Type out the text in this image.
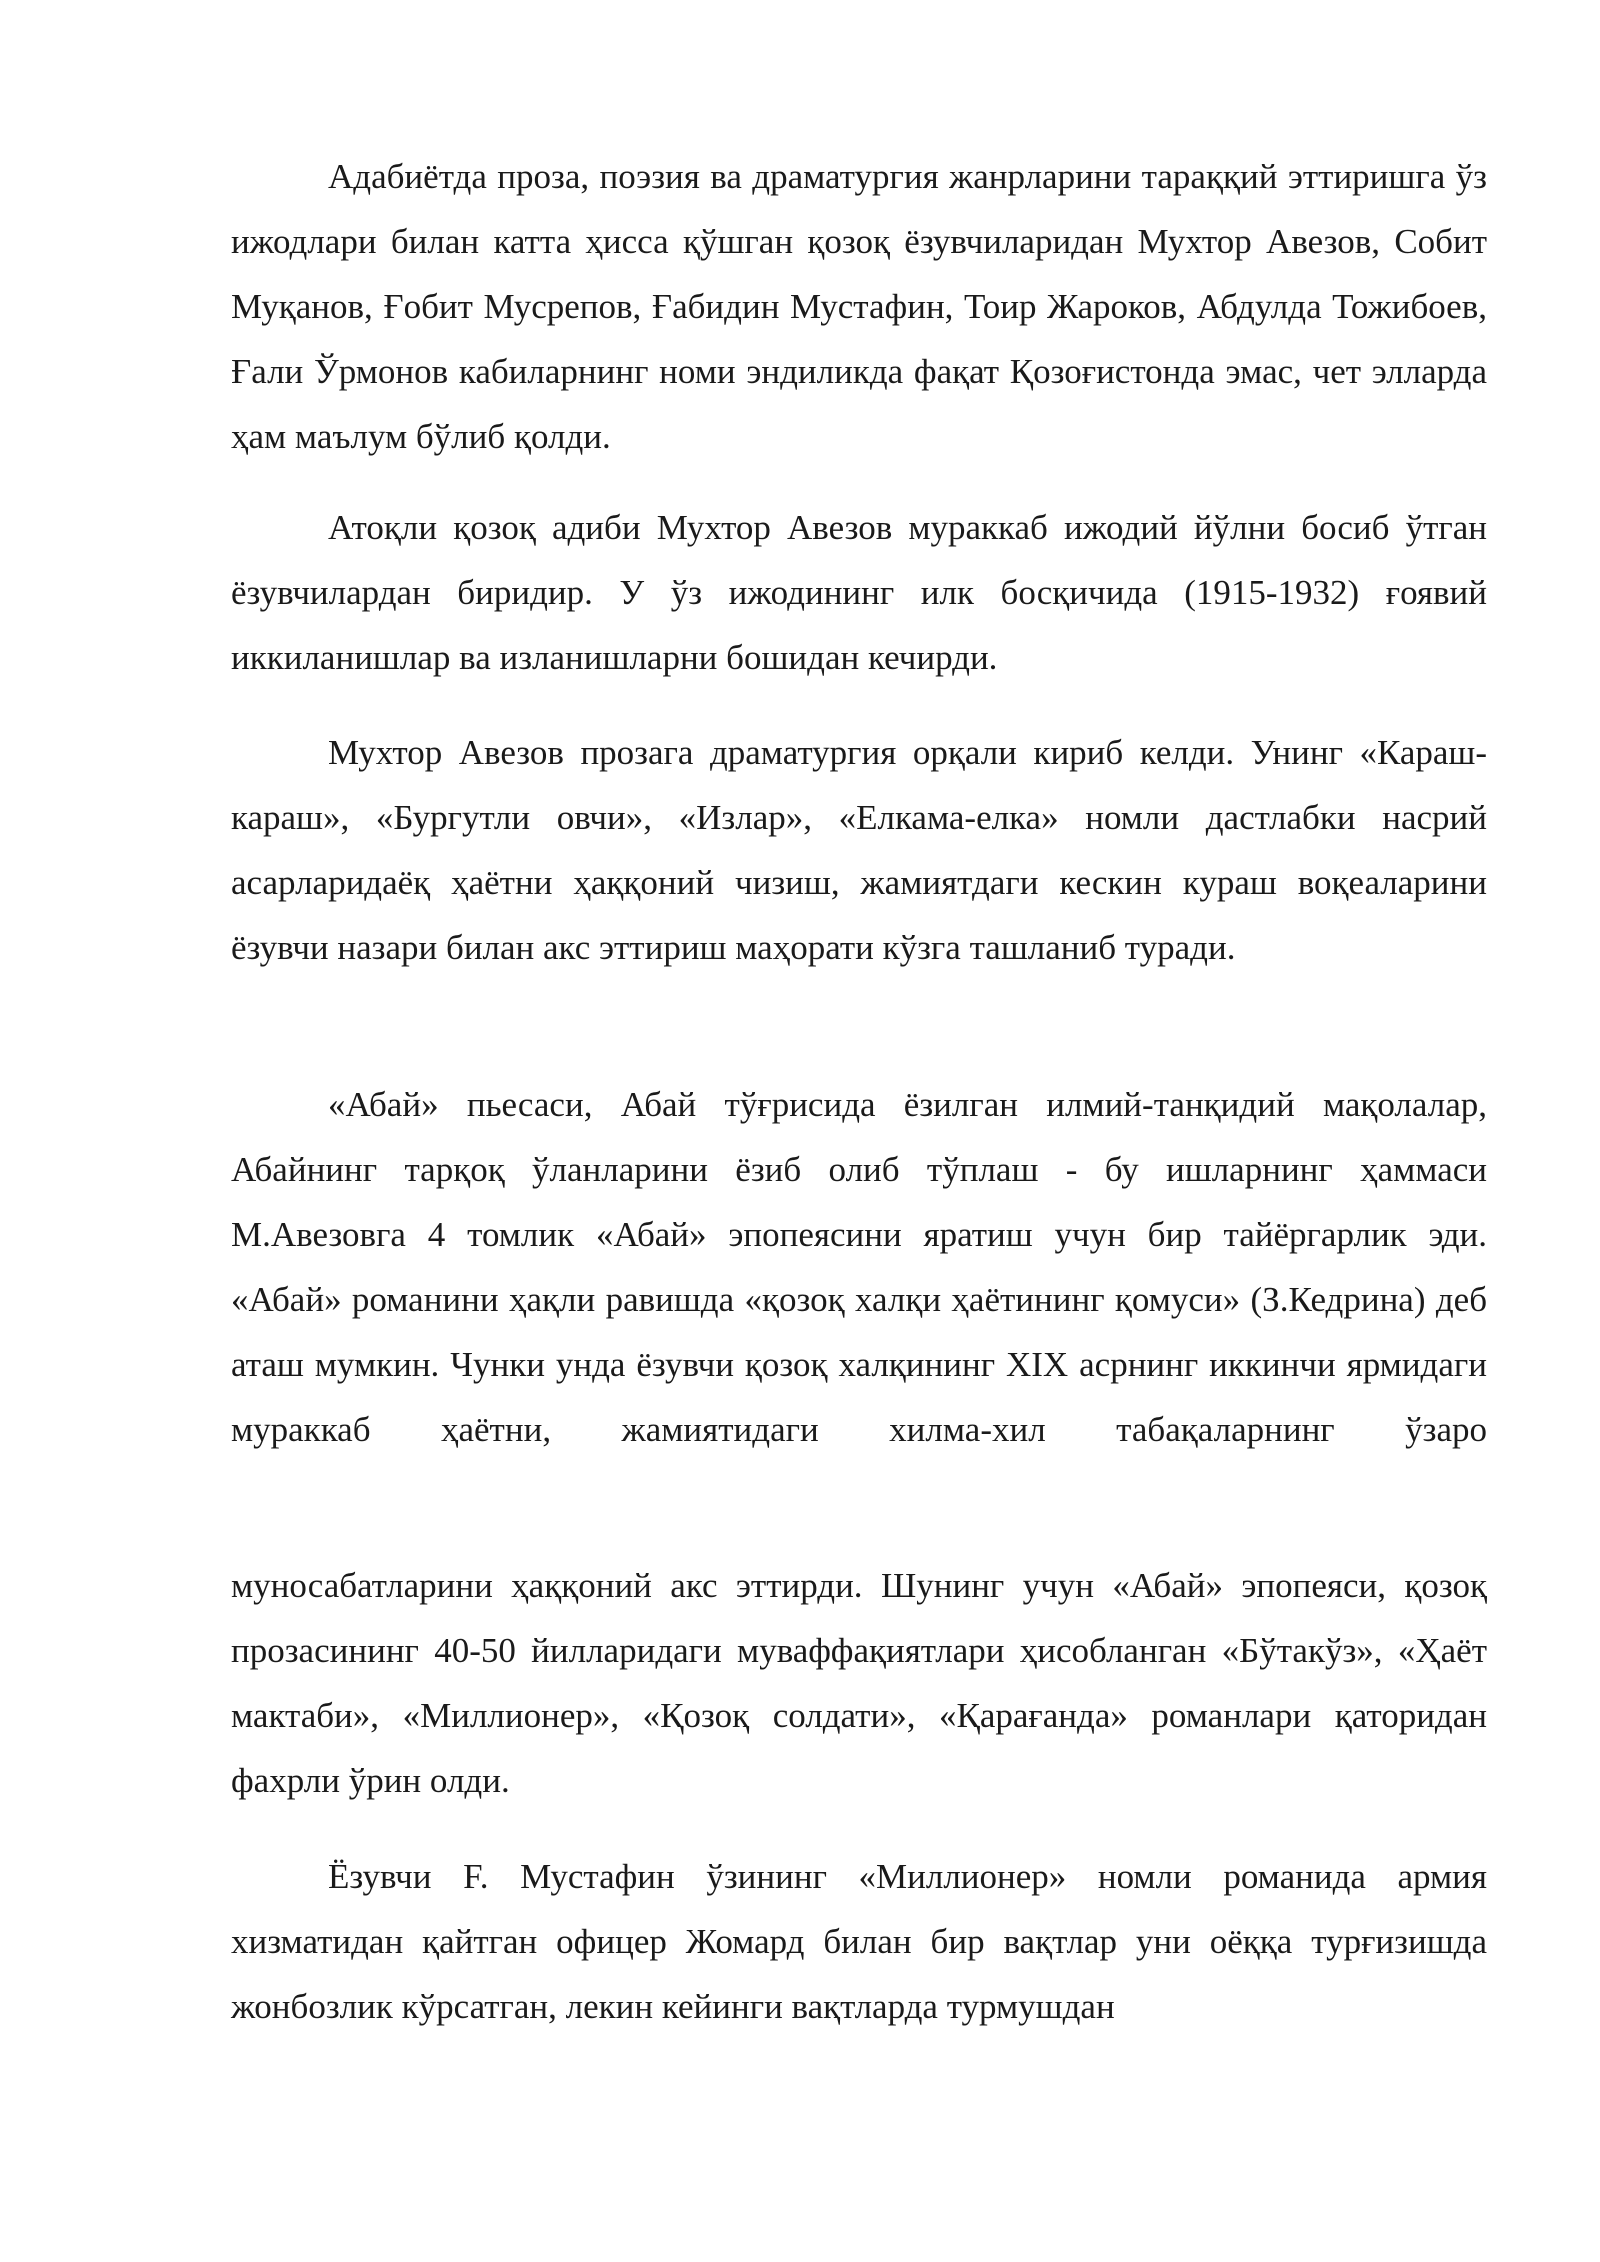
Адабиётда проза, поэзия ва драматургия жанрларини тараққий эттиришга ўз ижодлари билан катта ҳисса қўшган қозоқ ёзувчиларидан Мухтор Авезов, Собит Муқанов, Ғобит Мусрепов, Ғабидин Мустафин, Тоир Жароков, Абдулда Тожибоев, Ғали Ўрмонов кабиларнинг номи эндиликда фақат Қозоғистонда эмас, чет элларда ҳам маълум бўлиб қолди.

Атоқли қозоқ адиби Мухтор Авезов мураккаб ижодий йўлни босиб ўтган ёзувчилардан биридир. У ўз ижодининг илк босқичида (1915-1932) ғоявий иккиланишлар ва изланишларни бошидан кечирди.

Мухтор Авезов прозага драматургия орқали кириб келди. Унинг «Караш-караш», «Бургутли овчи», «Излар», «Елкама-елка» номли дастлабки насрий асарларидаёқ ҳаётни ҳаққоний чизиш, жамиятдаги кескин кураш воқеаларини ёзувчи назари билан акс эттириш маҳорати кўзга ташланиб туради.

«Абай» пьесаси, Абай тўғрисида ёзилган илмий-танқидий мақолалар, Абайнинг тарқоқ ўланларини ёзиб олиб тўплаш - бу ишларнинг ҳаммаси М.Авезовга 4 томлик «Абай» эпопеясини яратиш учун бир тайёргарлик эди. «Абай» романини ҳақли равишда «қозоқ халқи ҳаётининг қомуси» (З.Кедрина) деб аташ мумкин. Чунки унда ёзувчи қозоқ халқининг XIX асрнинг иккинчи ярмидаги мураккаб ҳаётни, жамиятидаги хилма-хил табақаларнинг ўзаро

муносабатларини ҳаққоний акс эттирди. Шунинг учун «Абай» эпопеяси, қозоқ прозасининг 40-50 йилларидаги муваффақиятлари ҳисобланган «Бўтакўз», «Ҳаёт мактаби», «Миллионер», «Қозоқ солдати», «Қарағанда» романлари қаторидан фахрли ўрин олди.

Ёзувчи F. Мустафин ўзининг «Миллионер» номли романида армия хизматидан қайтган офицер Жомард билан бир вақтлар уни оёққа турғизишда жонбозлик кўрсатган, лекин кейинги вақтларда турмушдан
